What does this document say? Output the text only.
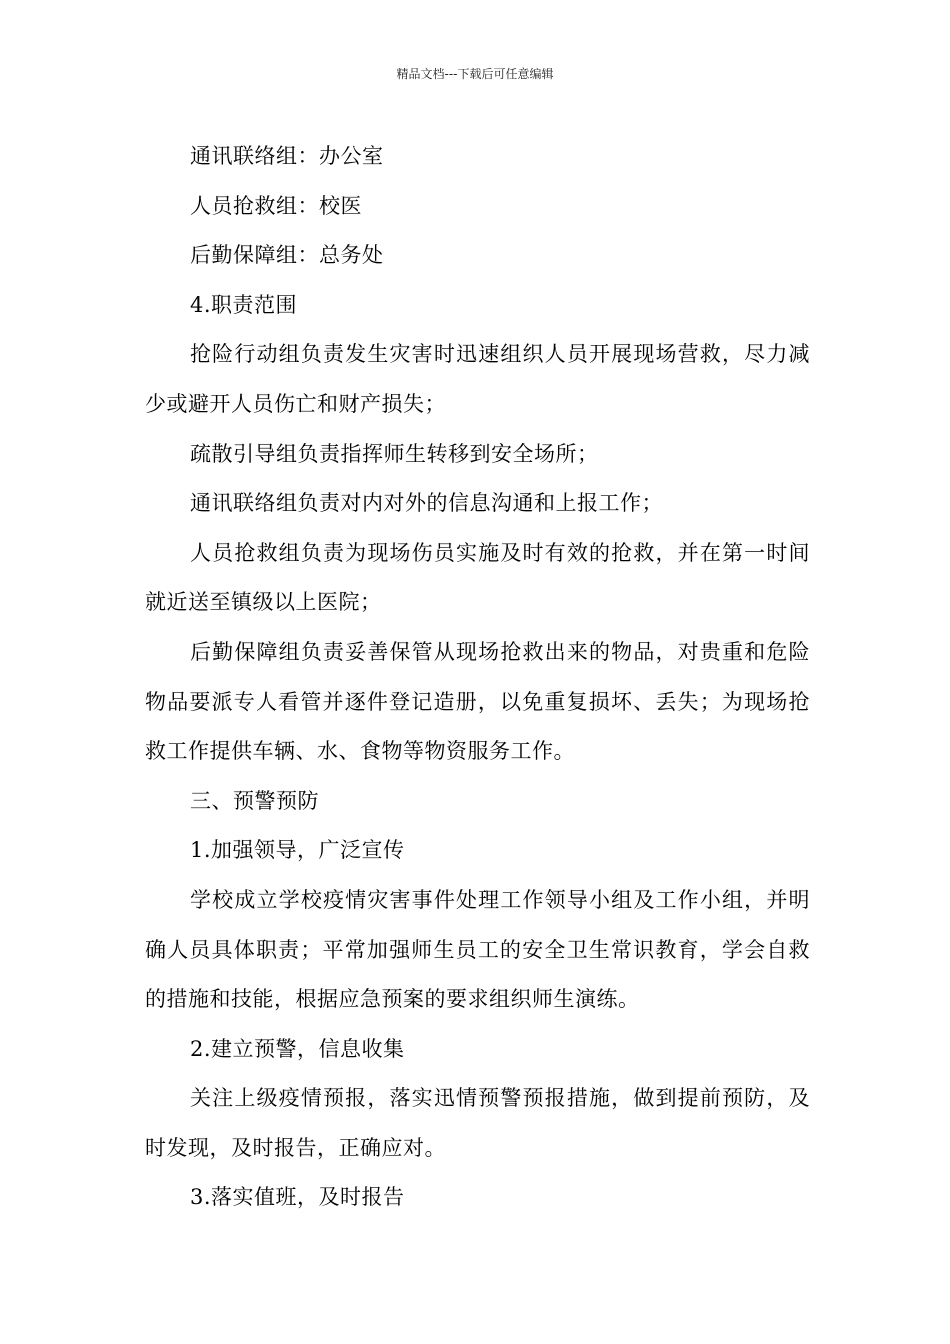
精品文档---下载后可任意编辑

通讯联络组：办公室

人员抢救组：校医

后勤保障组：总务处

4.职责范围

抢险行动组负责发生灾害时迅速组织人员开展现场营救，尽力减少或避开人员伤亡和财产损失；

疏散引导组负责指挥师生转移到安全场所；

通讯联络组负责对内对外的信息沟通和上报工作；

人员抢救组负责为现场伤员实施及时有效的抢救，并在第一时间就近送至镇级以上医院；

后勤保障组负责妥善保管从现场抢救出来的物品，对贵重和危险物品要派专人看管并逐件登记造册，以免重复损坏、丢失；为现场抢救工作提供车辆、水、食物等物资服务工作。

三、预警预防

1.加强领导，广泛宣传

学校成立学校疫情灾害事件处理工作领导小组及工作小组，并明确人员具体职责；平常加强师生员工的安全卫生常识教育，学会自救的措施和技能，根据应急预案的要求组织师生演练。

2.建立预警，信息收集

关注上级疫情预报，落实迅情预警预报措施，做到提前预防，及时发现，及时报告，正确应对。

3.落实值班，及时报告
